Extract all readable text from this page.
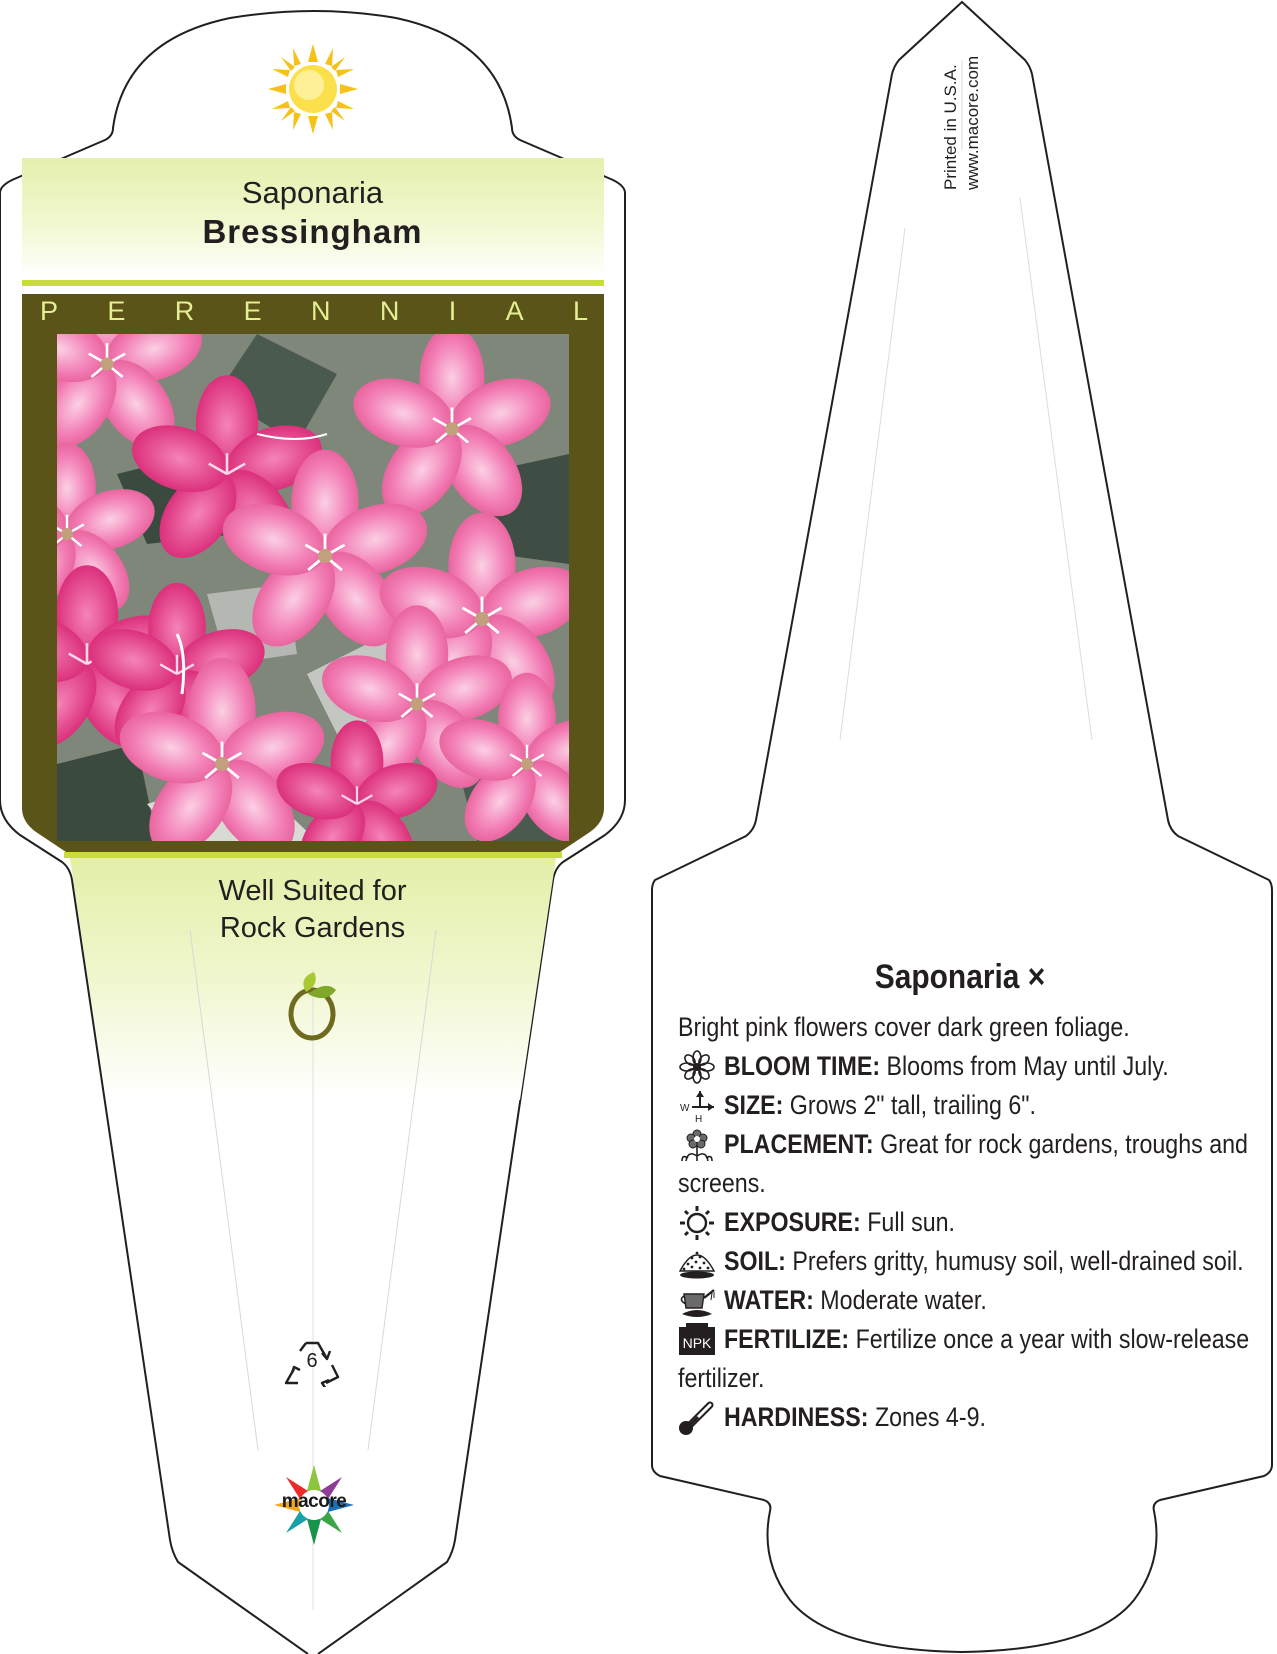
Saponaria
Bressingham
P E R E N N I A L
Well Suited for
Rock Gardens
6
macore
Printed in U.S.A. www.macore.com
Saponaria ×
Bright pink flowers cover dark green foliage.
BLOOM TIME: Blooms from May until July.
W
H SIZE: Grows 2" tall, trailing 6".
PLACEMENT: Great for rock gardens, troughs and
screens.
EXPOSURE: Full sun.
SOIL: Prefers gritty, humusy soil, well-drained soil.
WATER: Moderate water.
NPK FERTILIZE: Fertilize once a year with slow-release
fertilizer.
HARDINESS: Zones 4-9.
